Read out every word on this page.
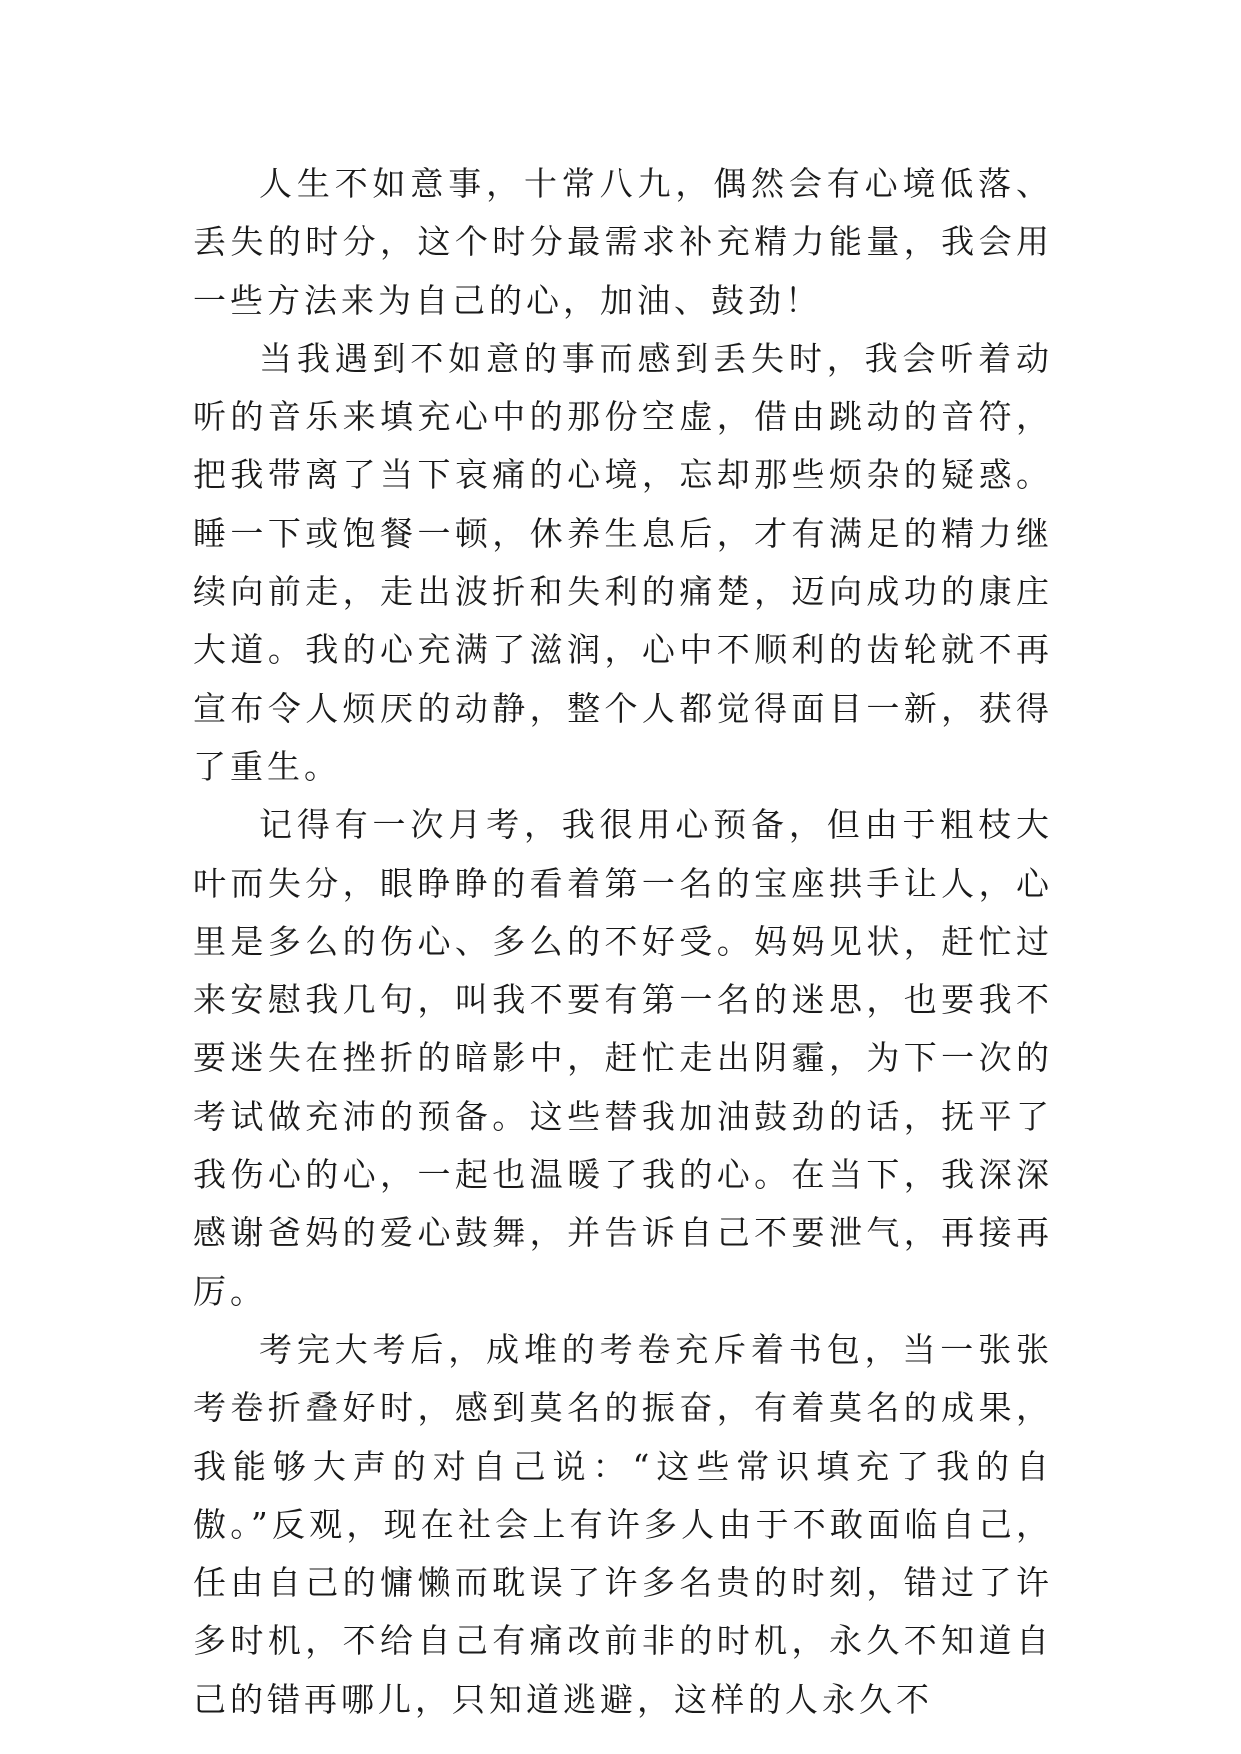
人生不如意事，十常八九，偶然会有心境低落、丢失的时分，这个时分最需求补充精力能量，我会用一些方法来为自己的心，加油、鼓劲！

当我遇到不如意的事而感到丢失时，我会听着动听的音乐来填充心中的那份空虚，借由跳动的音符，把我带离了当下哀痛的心境，忘却那些烦杂的疑惑。睡一下或饱餐一顿，休养生息后，才有满足的精力继续向前走，走出波折和失利的痛楚，迈向成功的康庄大道。我的心充满了滋润，心中不顺利的齿轮就不再宣布令人烦厌的动静，整个人都觉得面目一新，获得了重生。

记得有一次月考，我很用心预备，但由于粗枝大叶而失分，眼睁睁的看着第一名的宝座拱手让人，心里是多么的伤心、多么的不好受。妈妈见状，赶忙过来安慰我几句，叫我不要有第一名的迷思，也要我不要迷失在挫折的暗影中，赶忙走出阴霾，为下一次的考试做充沛的预备。这些替我加油鼓劲的话，抚平了我伤心的心，一起也温暖了我的心。在当下，我深深感谢爸妈的爱心鼓舞，并告诉自己不要泄气，再接再厉。

考完大考后，成堆的考卷充斥着书包，当一张张考卷折叠好时，感到莫名的振奋，有着莫名的成果，我能够大声的对自己说：“这些常识填充了我的自傲。”反观，现在社会上有许多人由于不敢面临自己，任由自己的慵懒而耽误了许多名贵的时刻，错过了许多时机，不给自己有痛改前非的时机，永久不知道自己的错再哪儿，只知道逃避，这样的人永久不
